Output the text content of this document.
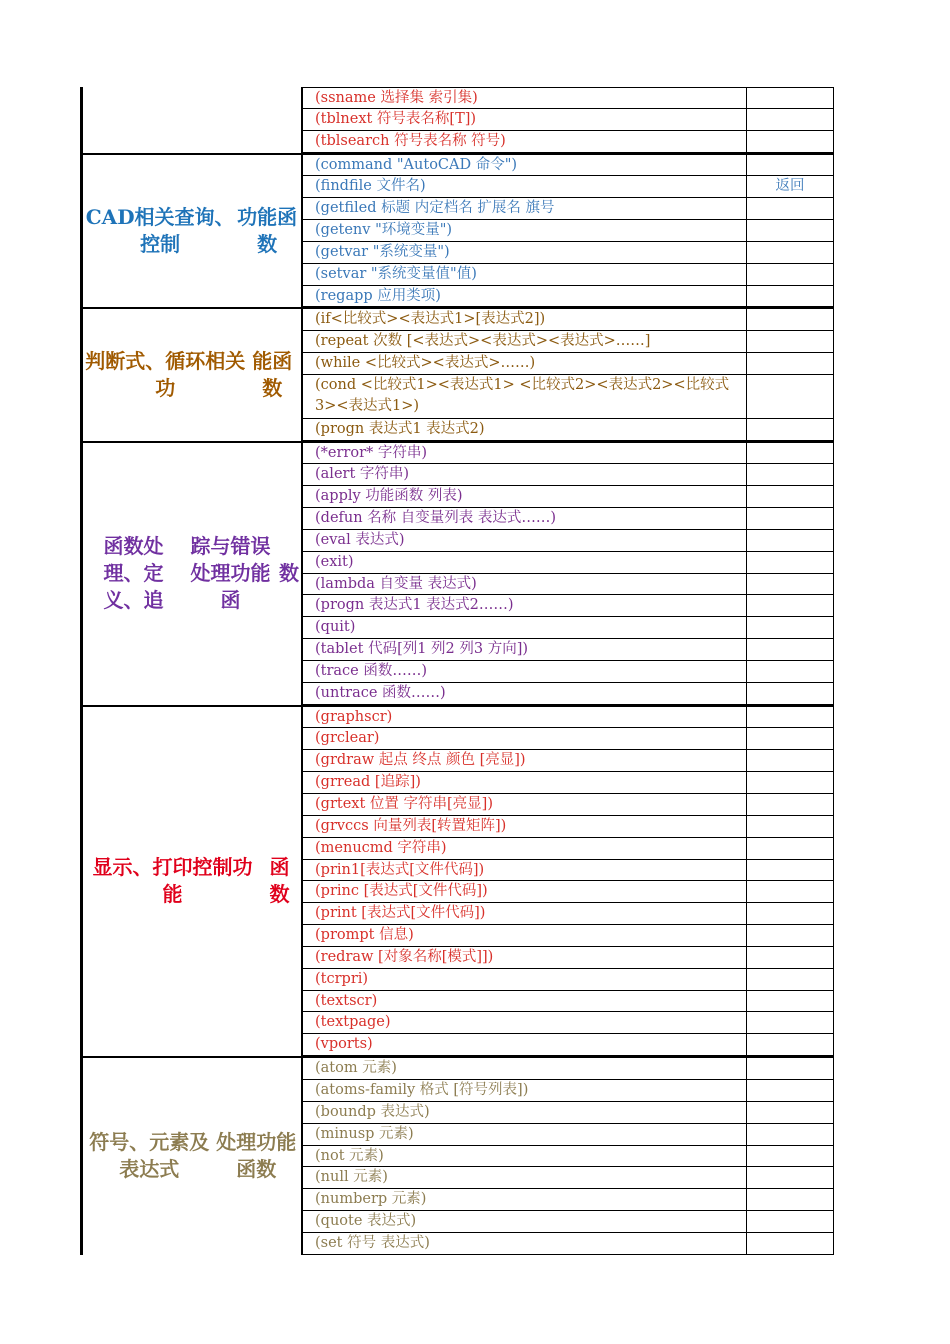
(ssname 选择集 索引集)
(tblnext 符号表名称[T])
(tblsearch 符号表名称 符号)
CAD相关查询、控制
功能函数
(command "AutoCAD 命令")
(findfile 文件名)	返回
(getfiled 标题 内定档名 扩展名 旗号
(getenv "环境变量")
(getvar "系统变量")
(setvar "系统变量值"值)
(regapp 应用类项)
判断式、循环相关功
能函数
(if<比较式><表达式1>[表达式2])
(repeat 次数 [<表达式><表达式><表达式>……]
(while <比较式><表达式>……)
(cond <比较式1><表达式1> <比较式2><表达式2><比较式3><表达式1>)
(progn 表达式1 表达式2)
函数处理、定义、追
踪与错误处理功能函
数
(*error* 字符串)
(alert 字符串)
(apply 功能函数 列表)
(defun 名称 自变量列表 表达式……)
(eval 表达式)
(exit)
(lambda 自变量 表达式)
(progn 表达式1 表达式2……)
(quit)
(tablet 代码[列1 列2 列3 方向])
(trace 函数……)
(untrace 函数……)
显示、打印控制功能
函数
(graphscr)
(grclear)
(grdraw 起点 终点 颜色 [亮显])
(grread [追踪])
(grtext 位置 字符串[亮显])
(grvccs 向量列表[转置矩阵])
(menucmd 字符串)
(prin1[表达式[文件代码])
(princ [表达式[文件代码])
(print [表达式[文件代码])
(prompt 信息)
(redraw [对象名称[模式]])
(tcrpri)
(textscr)
(textpage)
(vports)
符号、元素及表达式
处理功能函数
(atom 元素)
(atoms-family 格式 [符号列表])
(boundp 表达式)
(minusp 元素)
(not 元素)
(null 元素)
(numberp 元素)
(quote 表达式)
(set 符号 表达式)
